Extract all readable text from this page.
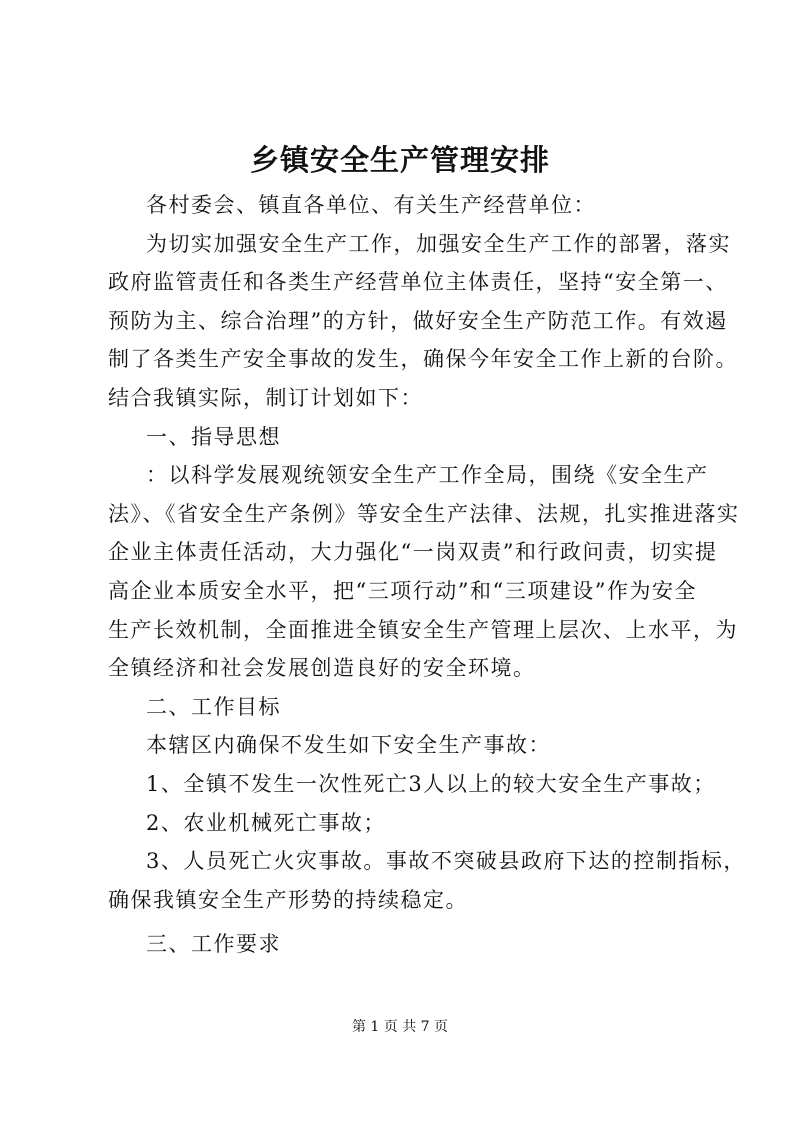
乡镇安全生产管理安排

各村委会、镇直各单位、有关生产经营单位：

为切实加强安全生产工作，加强安全生产工作的部署，落实

政府监管责任和各类生产经营单位主体责任，坚持“安全第一、

预防为主、综合治理”的方针，做好安全生产防范工作。有效遏

制了各类生产安全事故的发生，确保今年安全工作上新的台阶。

结合我镇实际，制订计划如下：

一、指导思想

：以科学发展观统领安全生产工作全局，围绕《安全生产

法》、《省安全生产条例》等安全生产法律、法规，扎实推进落实

企业主体责任活动，大力强化“一岗双责”和行政问责，切实提

高企业本质安全水平，把“三项行动”和“三项建设”作为安全

生产长效机制，全面推进全镇安全生产管理上层次、上水平，为

全镇经济和社会发展创造良好的安全环境。

二、工作目标

本辖区内确保不发生如下安全生产事故：

1、全镇不发生一次性死亡3人以上的较大安全生产事故；

2、农业机械死亡事故；

3、人员死亡火灾事故。事故不突破县政府下达的控制指标，

确保我镇安全生产形势的持续稳定。

三、工作要求

第 1 页 共 7 页
